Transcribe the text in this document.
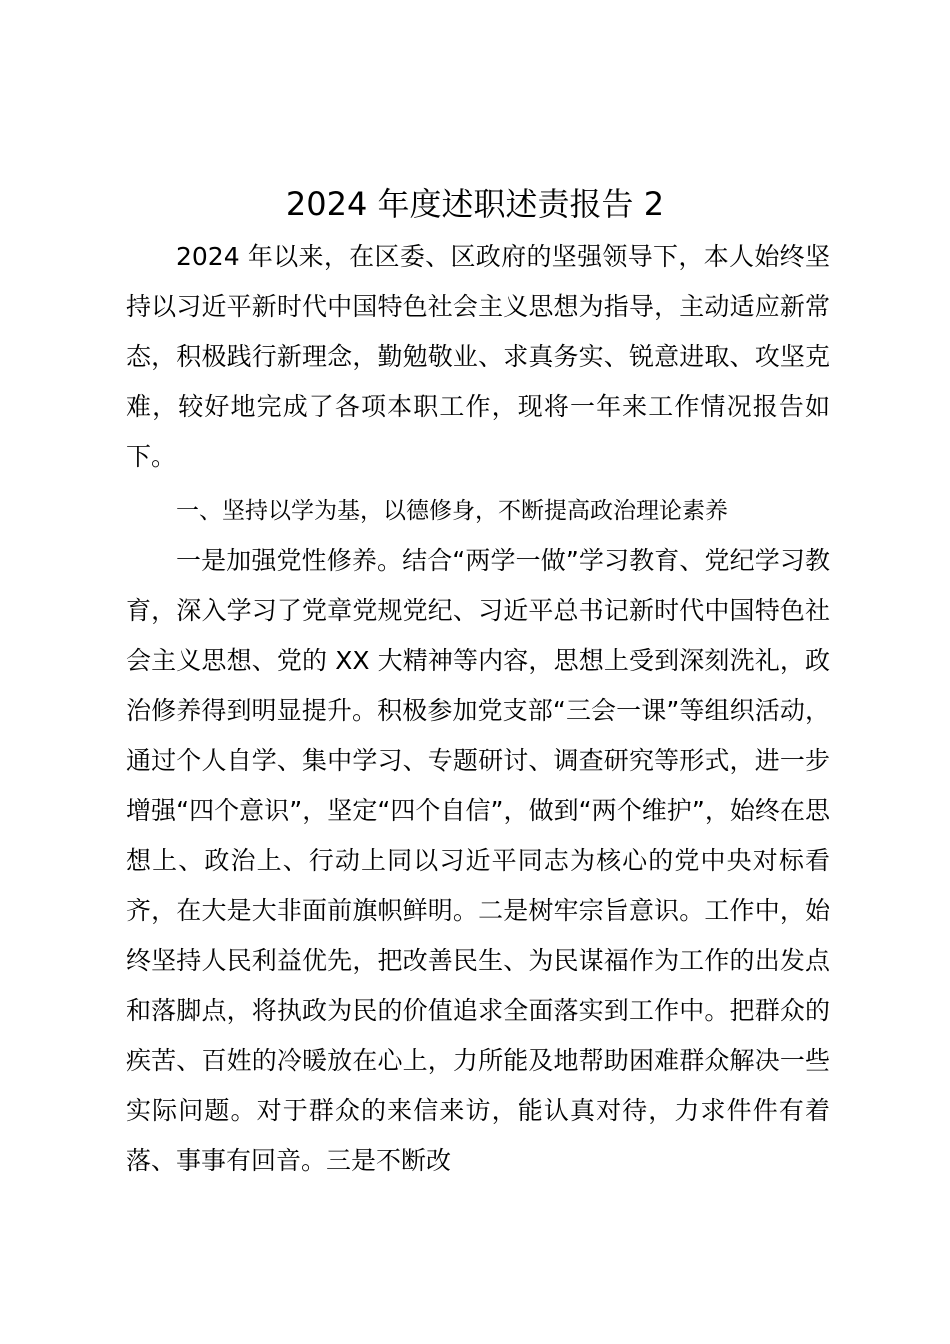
2024 年度述职述责报告 2

2024 年以来，在区委、区政府的坚强领导下，本人始终坚持以习近平新时代中国特色社会主义思想为指导，主动适应新常态，积极践行新理念，勤勉敬业、求真务实、锐意进取、攻坚克难，较好地完成了各项本职工作，现将一年来工作情况报告如下。

一、坚持以学为基，以德修身，不断提高政治理论素养

一是加强党性修养。结合“两学一做”学习教育、党纪学习教育，深入学习了党章党规党纪、习近平总书记新时代中国特色社会主义思想、党的 XX 大精神等内容，思想上受到深刻洗礼，政治修养得到明显提升。积极参加党支部“三会一课”等组织活动，通过个人自学、集中学习、专题研讨、调查研究等形式，进一步增强“四个意识”，坚定“四个自信”，做到“两个维护”，始终在思想上、政治上、行动上同以习近平同志为核心的党中央对标看齐，在大是大非面前旗帜鲜明。二是树牢宗旨意识。工作中，始终坚持人民利益优先，把改善民生、为民谋福作为工作的出发点和落脚点，将执政为民的价值追求全面落实到工作中。把群众的疾苦、百姓的冷暖放在心上，力所能及地帮助困难群众解决一些实际问题。对于群众的来信来访，能认真对待，力求件件有着落、事事有回音。三是不断改
